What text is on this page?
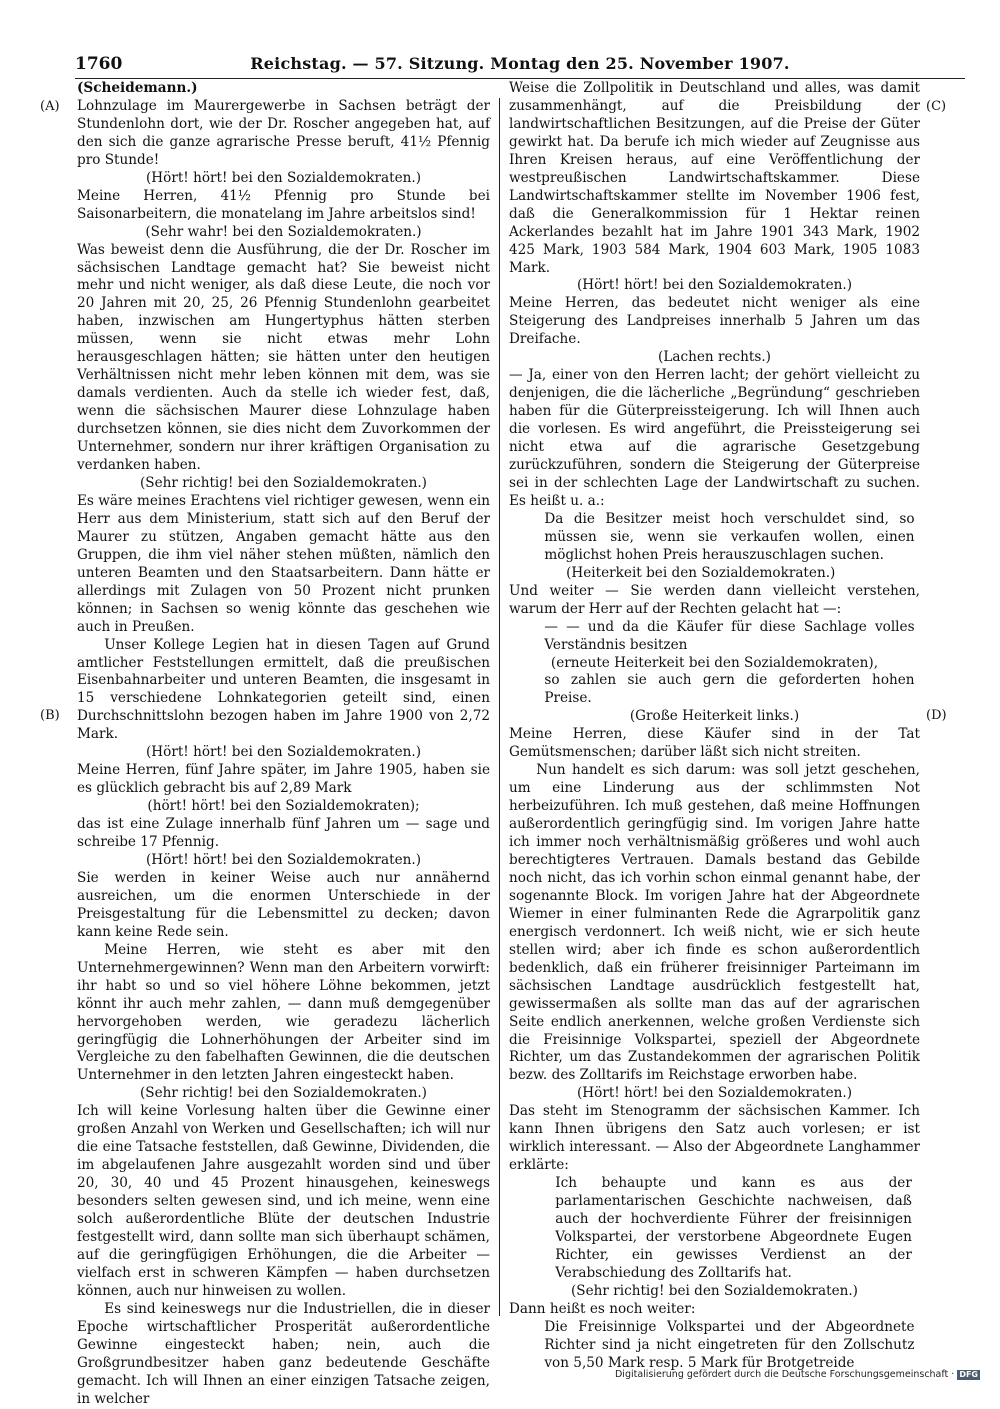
1760	Reichstag. — 57. Sitzung. Montag den 25. November 1907.
(A)
(B)
(C)
(D)

(Scheidemann.)

Lohnzulage im Maurergewerbe in Sachsen beträgt der Stundenlohn dort, wie der Dr. Roscher angegeben hat, auf den sich die ganze agrarische Presse beruft, 41½ Pfennig pro Stunde!

(Hört! hört! bei den Sozialdemokraten.)

Meine Herren, 41½ Pfennig pro Stunde bei Saisonarbeitern, die monatelang im Jahre arbeitslos sind!

(Sehr wahr! bei den Sozialdemokraten.)

Was beweist denn die Ausführung, die der Dr. Roscher im sächsischen Landtage gemacht hat? Sie beweist nicht mehr und nicht weniger, als daß diese Leute, die noch vor 20 Jahren mit 20, 25, 26 Pfennig Stundenlohn gearbeitet haben, inzwischen am Hungertyphus hätten sterben müssen, wenn sie nicht etwas mehr Lohn herausgeschlagen hätten; sie hätten unter den heutigen Verhältnissen nicht mehr leben können mit dem, was sie damals verdienten. Auch da stelle ich wieder fest, daß, wenn die sächsischen Maurer diese Lohnzulage haben durchsetzen können, sie dies nicht dem Zuvorkommen der Unternehmer, sondern nur ihrer kräftigen Organisation zu verdanken haben.

(Sehr richtig! bei den Sozialdemokraten.)

Es wäre meines Erachtens viel richtiger gewesen, wenn ein Herr aus dem Ministerium, statt sich auf den Beruf der Maurer zu stützen, Angaben gemacht hätte aus den Gruppen, die ihm viel näher stehen müßten, nämlich den unteren Beamten und den Staatsarbeitern. Dann hätte er allerdings mit Zulagen von 50 Prozent nicht prunken können; in Sachsen so wenig könnte das geschehen wie auch in Preußen.

Unser Kollege Legien hat in diesen Tagen auf Grund amtlicher Feststellungen ermittelt, daß die preußischen Eisenbahnarbeiter und unteren Beamten, die insgesamt in 15 verschiedene Lohnkategorien geteilt sind, einen Durchschnittslohn bezogen haben im Jahre 1900 von 2,72 Mark.

(Hört! hört! bei den Sozialdemokraten.)

Meine Herren, fünf Jahre später, im Jahre 1905, haben sie es glücklich gebracht bis auf 2,89 Mark

(hört! hört! bei den Sozialdemokraten);

das ist eine Zulage innerhalb fünf Jahren um — sage und schreibe 17 Pfennig.

(Hört! hört! bei den Sozialdemokraten.)

Sie werden in keiner Weise auch nur annähernd ausreichen, um die enormen Unterschiede in der Preisgestaltung für die Lebensmittel zu decken; davon kann keine Rede sein.

Meine Herren, wie steht es aber mit den Unternehmergewinnen? Wenn man den Arbeitern vorwirft: ihr habt so und so viel höhere Löhne bekommen, jetzt könnt ihr auch mehr zahlen, — dann muß demgegenüber hervorgehoben werden, wie geradezu lächerlich geringfügig die Lohnerhöhungen der Arbeiter sind im Vergleiche zu den fabelhaften Gewinnen, die die deutschen Unternehmer in den letzten Jahren eingesteckt haben.

(Sehr richtig! bei den Sozialdemokraten.)

Ich will keine Vorlesung halten über die Gewinne einer großen Anzahl von Werken und Gesellschaften; ich will nur die eine Tatsache feststellen, daß Gewinne, Dividenden, die im abgelaufenen Jahre ausgezahlt worden sind und über 20, 30, 40 und 45 Prozent hinausgehen, keineswegs besonders selten gewesen sind, und ich meine, wenn eine solch außerordentliche Blüte der deutschen Industrie festgestellt wird, dann sollte man sich überhaupt schämen, auf die geringfügigen Erhöhungen, die die Arbeiter — vielfach erst in schweren Kämpfen — haben durchsetzen können, auch nur hinweisen zu wollen.

Es sind keineswegs nur die Industriellen, die in dieser Epoche wirtschaftlicher Prosperität außerordentliche Gewinne eingesteckt haben; nein, auch die Großgrundbesitzer haben ganz bedeutende Geschäfte gemacht. Ich will Ihnen an einer einzigen Tatsache zeigen, in welcher

Weise die Zollpolitik in Deutschland und alles, was damit zusammenhängt, auf die Preisbildung der landwirtschaftlichen Besitzungen, auf die Preise der Güter gewirkt hat. Da berufe ich mich wieder auf Zeugnisse aus Ihren Kreisen heraus, auf eine Veröffentlichung der westpreußischen Landwirtschaftskammer. Diese Landwirtschaftskammer stellte im November 1906 fest, daß die Generalkommission für 1 Hektar reinen Ackerlandes bezahlt hat im Jahre 1901 343 Mark, 1902 425 Mark, 1903 584 Mark, 1904 603 Mark, 1905 1083 Mark.

(Hört! hört! bei den Sozialdemokraten.)

Meine Herren, das bedeutet nicht weniger als eine Steigerung des Landpreises innerhalb 5 Jahren um das Dreifache.

(Lachen rechts.)

— Ja, einer von den Herren lacht; der gehört vielleicht zu denjenigen, die die lächerliche „Begründung“ geschrieben haben für die Güterpreissteigerung. Ich will Ihnen auch die vorlesen. Es wird angeführt, die Preissteigerung sei nicht etwa auf die agrarische Gesetzgebung zurückzuführen, sondern die Steigerung der Güterpreise sei in der schlechten Lage der Landwirtschaft zu suchen. Es heißt u. a.:

Da die Besitzer meist hoch verschuldet sind, so müssen sie, wenn sie verkaufen wollen, einen möglichst hohen Preis herauszuschlagen suchen.

(Heiterkeit bei den Sozialdemokraten.)

Und weiter — Sie werden dann vielleicht verstehen, warum der Herr auf der Rechten gelacht hat —:

— — und da die Käufer für diese Sachlage volles Verständnis besitzen

(erneute Heiterkeit bei den Sozialdemokraten),

so zahlen sie auch gern die geforderten hohen Preise.

(Große Heiterkeit links.)

Meine Herren, diese Käufer sind in der Tat Gemütsmenschen; darüber läßt sich nicht streiten.

Nun handelt es sich darum: was soll jetzt geschehen, um eine Linderung aus der schlimmsten Not herbeizuführen. Ich muß gestehen, daß meine Hoffnungen außerordentlich geringfügig sind. Im vorigen Jahre hatte ich immer noch verhältnismäßig größeres und wohl auch berechtigteres Vertrauen. Damals bestand das Gebilde noch nicht, das ich vorhin schon einmal genannt habe, der sogenannte Block. Im vorigen Jahre hat der Abgeordnete Wiemer in einer fulminanten Rede die Agrarpolitik ganz energisch verdonnert. Ich weiß nicht, wie er sich heute stellen wird; aber ich finde es schon außerordentlich bedenklich, daß ein früherer freisinniger Parteimann im sächsischen Landtage ausdrücklich festgestellt hat, gewissermaßen als sollte man das auf der agrarischen Seite endlich anerkennen, welche großen Verdienste sich die Freisinnige Volkspartei, speziell der Abgeordnete Richter, um das Zustandekommen der agrarischen Politik bezw. des Zolltarifs im Reichstage erworben habe.

(Hört! hört! bei den Sozialdemokraten.)

Das steht im Stenogramm der sächsischen Kammer. Ich kann Ihnen übrigens den Satz auch vorlesen; er ist wirklich interessant. — Also der Abgeordnete Langhammer erklärte:

Ich behaupte und kann es aus der parlamentarischen Geschichte nachweisen, daß auch der hochverdiente Führer der freisinnigen Volkspartei, der verstorbene Abgeordnete Eugen Richter, ein gewisses Verdienst an der Verabschiedung des Zolltarifs hat.

(Sehr richtig! bei den Sozialdemokraten.)

Dann heißt es noch weiter:

Die Freisinnige Volkspartei und der Abgeordnete Richter sind ja nicht eingetreten für den Zollschutz von 5,50 Mark resp. 5 Mark für Brotgetreide

Digitalisierung gefördert durch die Deutsche Forschungsgemeinschaft · DFG
